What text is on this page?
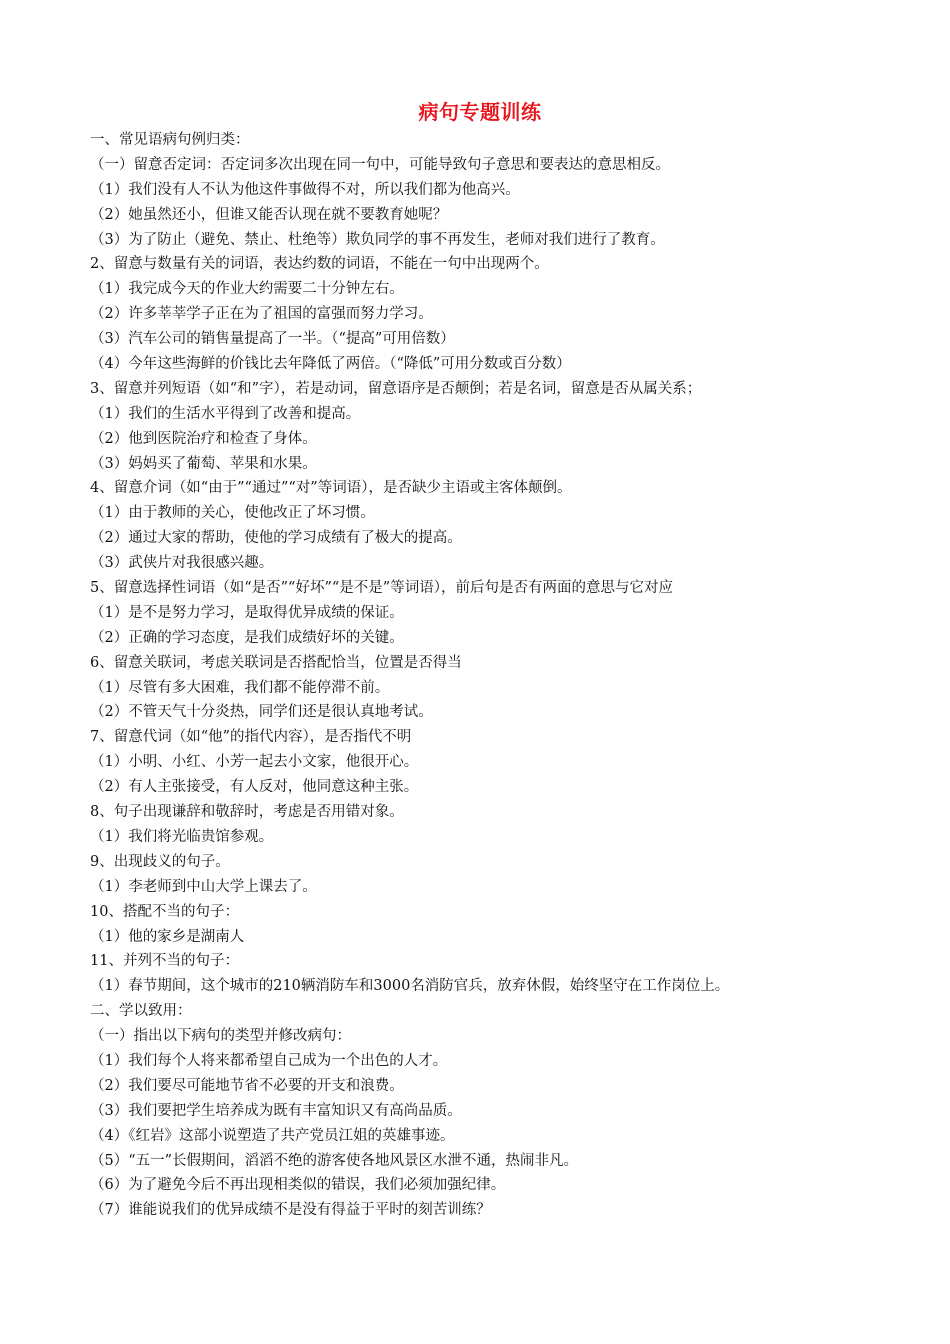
病句专题训练

一、常见语病句例归类：

（一）留意否定词：否定词多次出现在同一句中，可能导致句子意思和要表达的意思相反。

（1）我们没有人不认为他这件事做得不对，所以我们都为他高兴。

（2）她虽然还小，但谁又能否认现在就不要教育她呢？

（3）为了防止（避免、禁止、杜绝等）欺负同学的事不再发生，老师对我们进行了教育。

2、留意与数量有关的词语，表达约数的词语，不能在一句中出现两个。

（1）我完成今天的作业大约需要二十分钟左右。

（2）许多莘莘学子正在为了祖国的富强而努力学习。

（3）汽车公司的销售量提高了一半。（“提高”可用倍数）

（4）今年这些海鲜的价钱比去年降低了两倍。（“降低”可用分数或百分数）

3、留意并列短语（如“和”字），若是动词，留意语序是否颠倒；若是名词，留意是否从属关系；

（1）我们的生活水平得到了改善和提高。

（2）他到医院治疗和检查了身体。

（3）妈妈买了葡萄、苹果和水果。

4、留意介词（如“由于”“通过”“对”等词语），是否缺少主语或主客体颠倒。

（1）由于教师的关心，使他改正了坏习惯。

（2）通过大家的帮助，使他的学习成绩有了极大的提高。

（3）武侠片对我很感兴趣。

5、留意选择性词语（如“是否”“好坏”“是不是”等词语），前后句是否有两面的意思与它对应

（1）是不是努力学习，是取得优异成绩的保证。

（2）正确的学习态度，是我们成绩好坏的关键。

6、留意关联词，考虑关联词是否搭配恰当，位置是否得当

（1）尽管有多大困难，我们都不能停滞不前。

（2）不管天气十分炎热，同学们还是很认真地考试。

7、留意代词（如“他”的指代内容），是否指代不明

（1）小明、小红、小芳一起去小文家，他很开心。

（2）有人主张接受，有人反对，他同意这种主张。

8、句子出现谦辞和敬辞时，考虑是否用错对象。

（1）我们将光临贵馆参观。

9、出现歧义的句子。

（1）李老师到中山大学上课去了。

10、搭配不当的句子：

（1）他的家乡是湖南人

11、并列不当的句子：

（1）春节期间，这个城市的210辆消防车和3000名消防官兵，放弃休假，始终坚守在工作岗位上。

二、学以致用：

（一）指出以下病句的类型并修改病句：

（1）我们每个人将来都希望自己成为一个出色的人才。

（2）我们要尽可能地节省不必要的开支和浪费。

（3）我们要把学生培养成为既有丰富知识又有高尚品质。

（4）《红岩》这部小说塑造了共产党员江姐的英雄事迹。

（5）“五一”长假期间，滔滔不绝的游客使各地风景区水泄不通，热闹非凡。

（6）为了避免今后不再出现相类似的错误，我们必须加强纪律。

（7）谁能说我们的优异成绩不是没有得益于平时的刻苦训练？
